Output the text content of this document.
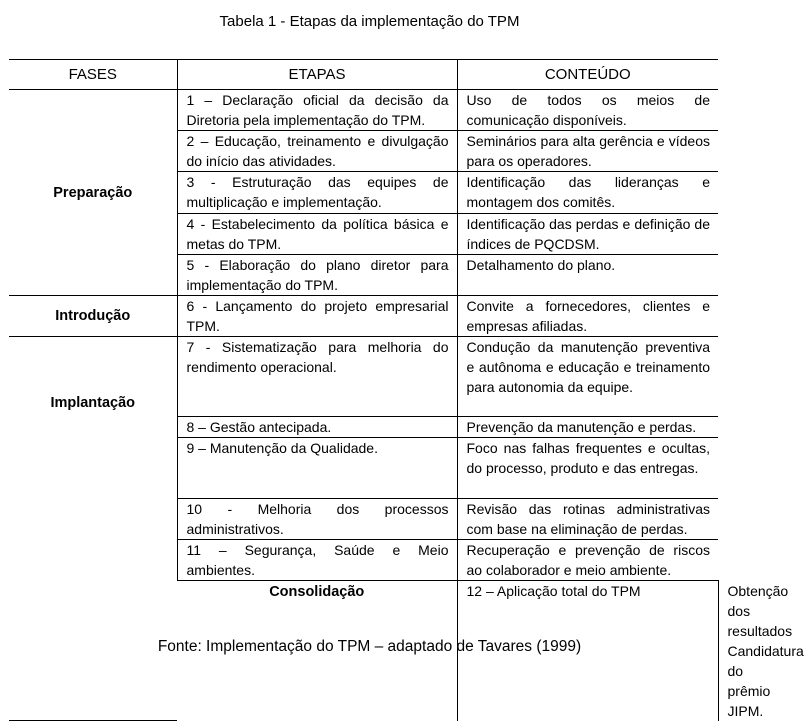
Tabela 1 - Etapas da implementação do TPM
FASES	ETAPAS	CONTEÚDO	
Preparação	1 – Declaração oficial da decisão da Diretoria pela implementação do TPM.	Uso de todos os meios de comunicação disponíveis.	
	2 – Educação, treinamento e divulgação do início das atividades.	Seminários para alta gerência e vídeos para os operadores.	
	3 - Estruturação das equipes de multiplicação e implementação.	Identificação das lideranças e montagem dos comitês.	
	4 - Estabelecimento da política básica e metas do TPM.	Identificação das perdas e definição de índices de PQCDSM.	
	5 - Elaboração do plano diretor para implementação do TPM.	Detalhamento do plano.	
Introdução	6 - Lançamento do projeto empresarial TPM.	Convite a fornecedores, clientes e empresas afiliadas.	
Implantação	7 - Sistematização para melhoria do rendimento operacional.	Condução da manutenção preventiva e autônoma e educação e treinamento para autonomia da equipe.	
	8 – Gestão antecipada.	Prevenção da manutenção e perdas.	
	9 – Manutenção da Qualidade.	Foco nas falhas frequentes e ocultas, do processo, produto e das entregas.	
	10 - Melhoria dos processos administrativos.	Revisão das rotinas administrativas com base na eliminação de perdas.	
	11 – Segurança, Saúde e Meio ambientes.	Recuperação e prevenção de riscos ao colaborador e meio ambiente.	
	Consolidação	12 – Aplicação total do TPM	Obtenção dos resultados Candidatura do prêmio JIPM.
Fonte: Implementação do TPM – adaptado de Tavares (1999)
